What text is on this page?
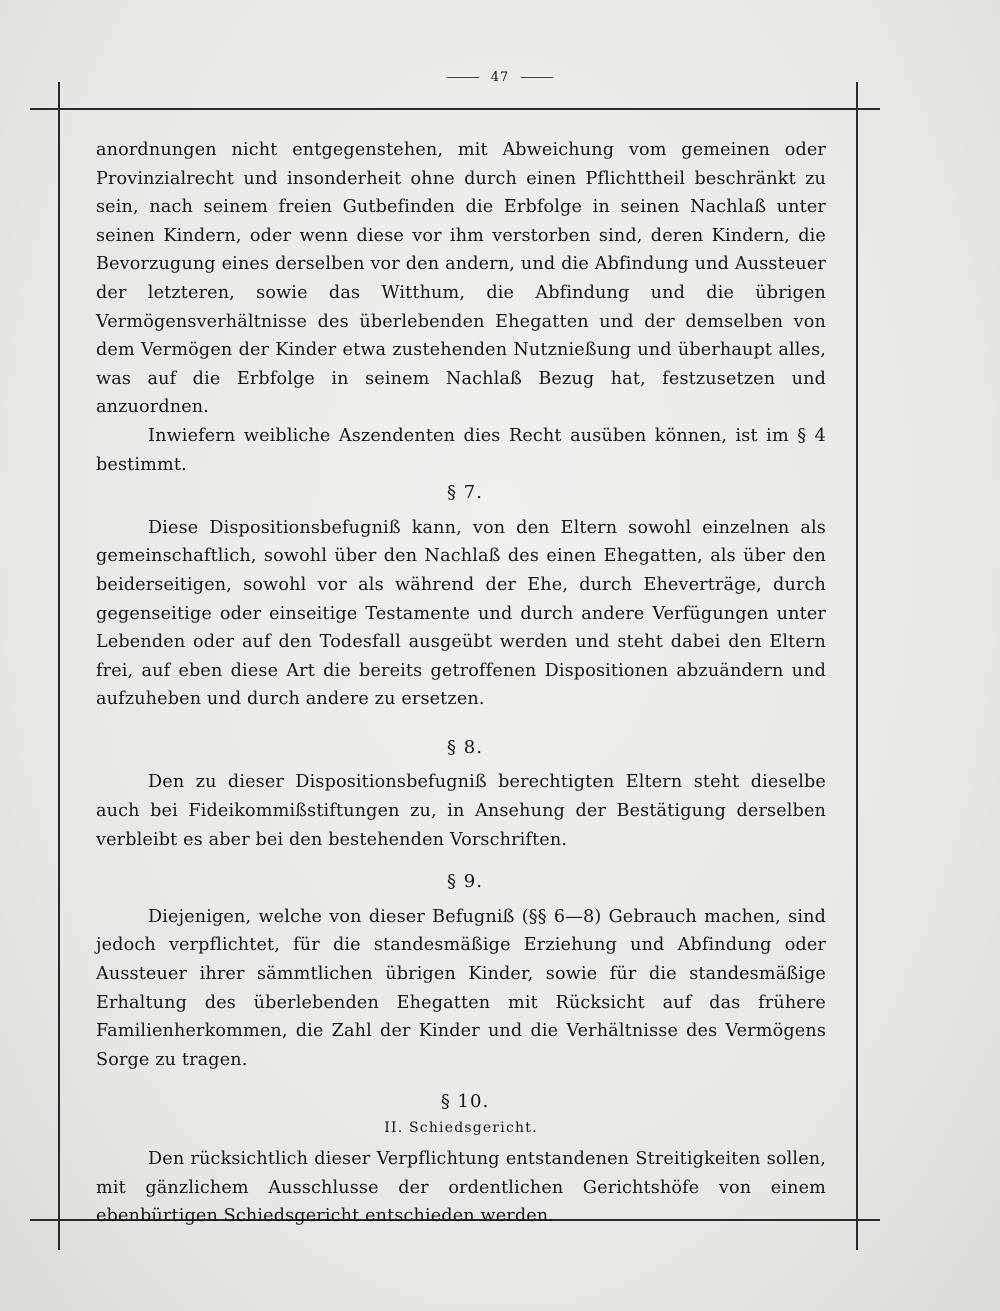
47

anordnungen nicht entgegenstehen, mit Abweichung vom gemeinen oder Provinzialrecht und insonderheit ohne durch einen Pflichttheil beschränkt zu sein, nach seinem freien Gutbefinden die Erbfolge in seinen Nachlaß unter seinen Kindern, oder wenn diese vor ihm verstorben sind, deren Kindern, die Bevorzugung eines derselben vor den andern, und die Abfindung und Aussteuer der letzteren, sowie das Witthum, die Abfindung und die übrigen Vermögensverhältnisse des überlebenden Ehegatten und der demselben von dem Vermögen der Kinder etwa zustehenden Nutznießung und überhaupt alles, was auf die Erbfolge in seinem Nachlaß Bezug hat, festzusetzen und anzuordnen.

Inwiefern weibliche Aszendenten dies Recht ausüben können, ist im § 4 bestimmt.

§ 7.

Diese Dispositionsbefugniß kann, von den Eltern sowohl einzelnen als gemeinschaftlich, sowohl über den Nachlaß des einen Ehegatten, als über den beiderseitigen, sowohl vor als während der Ehe, durch Eheverträge, durch gegenseitige oder einseitige Testamente und durch andere Verfügungen unter Lebenden oder auf den Todesfall ausgeübt werden und steht dabei den Eltern frei, auf eben diese Art die bereits getroffenen Dispositionen abzuändern und aufzuheben und durch andere zu ersetzen.

§ 8.

Den zu dieser Dispositionsbefugniß berechtigten Eltern steht dieselbe auch bei Fideikommißstiftungen zu, in Ansehung der Bestätigung derselben verbleibt es aber bei den bestehenden Vorschriften.

§ 9.

Diejenigen, welche von dieser Befugniß (§§ 6—8) Gebrauch machen, sind jedoch verpflichtet, für die standesmäßige Erziehung und Abfindung oder Aussteuer ihrer sämmtlichen übrigen Kinder, sowie für die standesmäßige Erhaltung des überlebenden Ehegatten mit Rücksicht auf das frühere Familienherkommen, die Zahl der Kinder und die Verhältnisse des Vermögens Sorge zu tragen.

§ 10.
II. Schiedsgericht.

Den rücksichtlich dieser Verpflichtung entstandenen Streitigkeiten sollen, mit gänzlichem Ausschlusse der ordentlichen Gerichtshöfe von einem ebenbürtigen Schiedsgericht entschieden werden.
